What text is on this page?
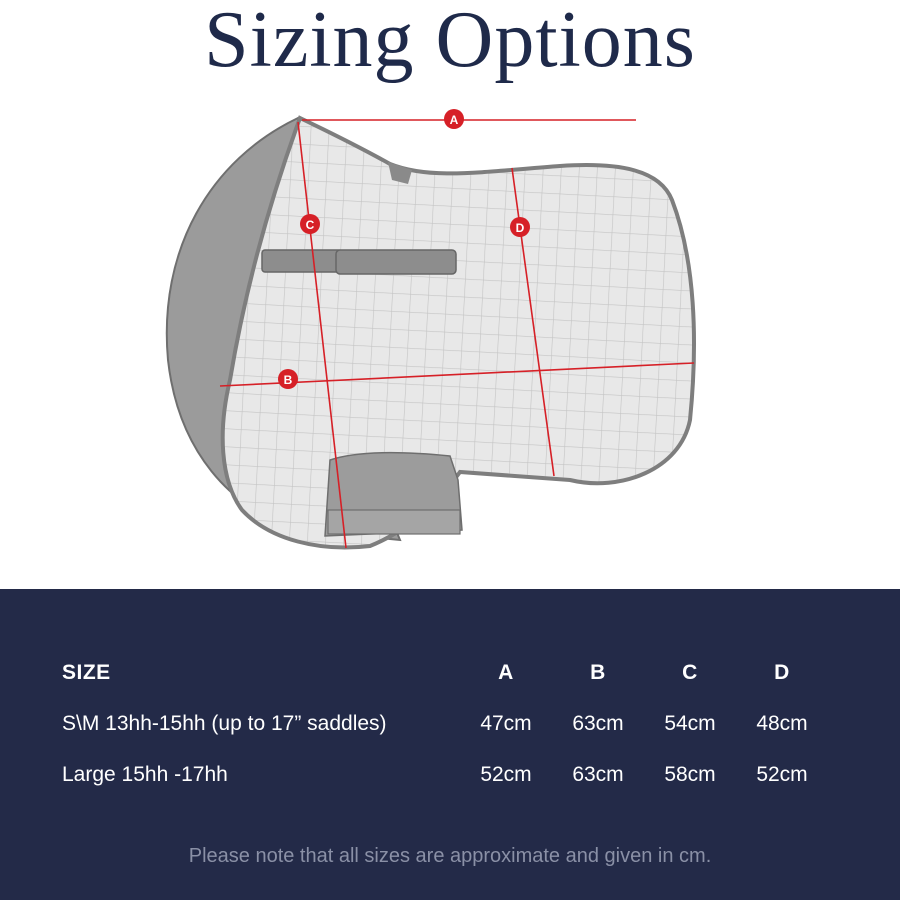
Sizing Options
A
B
C	D
SIZE	A	B	C	D
S\M 13hh-15hh (up to 17” saddles)	47cm	63cm	54cm	48cm
Large 15hh -17hh	52cm	63cm	58cm	52cm
Please note that all sizes are approximate and given in cm.
